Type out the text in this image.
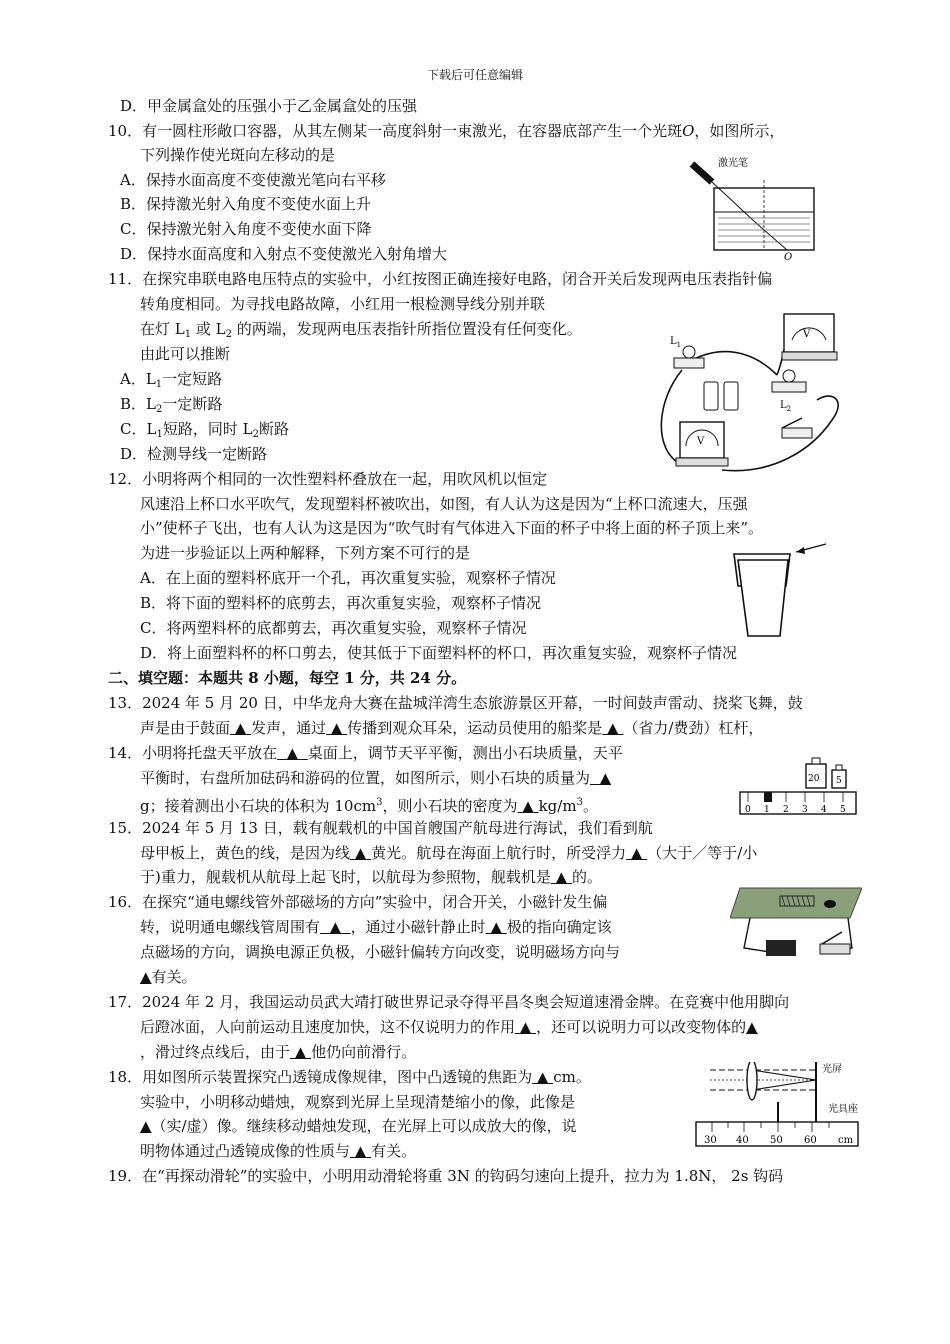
下载后可任意编辑
D．甲金属盒处的压强小于乙金属盒处的压强
10．有一圆柱形敞口容器，从其左侧某一高度斜射一束激光，在容器底部产生一个光斑O，如图所示，
下列操作使光斑向左移动的是
A．保持水面高度不变使激光笔向右平移
B．保持激光射入角度不变使水面上升
C．保持激光射入角度不变使水面下降
D．保持水面高度和入射点不变使激光入射角增大
激光笔
O
11．在探究串联电路电压特点的实验中，小红按图正确连接好电路，闭合开关后发现两电压表指针偏
转角度相同。为寻找电路故障，小红用一根检测导线分别并联
在灯 $L_1$ 或 $L_2$ 的两端，发现两电压表指针所指位置没有任何变化。
由此可以推断
A．$L_1$一定短路
B．$L_2$一定断路
C．$L_1$短路，同时 $L_2$断路
D．检测导线一定断路
V
$L_1$
$L_2$
V
12．小明将两个相同的一次性塑料杯叠放在一起，用吹风机以恒定
风速沿上杯口水平吹气，发现塑料杯被吹出，如图，有人认为这是因为“上杯口流速大，压强
小”使杯子飞出，也有人认为这是因为“吹气时有气体进入下面的杯子中将上面的杯子顶上来”。
为进一步验证以上两种解释，下列方案不可行的是
A．在上面的塑料杯底开一个孔，再次重复实验，观察杯子情况
B．将下面的塑料杯的底剪去，再次重复实验，观察杯子情况
C．将两塑料杯的底都剪去，再次重复实验，观察杯子情况
D．将上面塑料杯的杯口剪去，使其低于下面塑料杯的杯口，再次重复实验，观察杯子情况
二、填空题：本题共 8 小题，每空 1 分，共 24 分。
13．2024 年 5 月 20 日，中华龙舟大赛在盐城洋湾生态旅游景区开幕，一时间鼓声雷动、挠桨飞舞，鼓
声是由于鼓面 ▲ 发声，通过 ▲ 传播到观众耳朵，运动员使用的船桨是 ▲ （省力/费劲）杠杆，
14．小明将托盘天平放在 ▲ 桌面上，调节天平平衡，测出小石块质量，天平
平衡时，右盘所加砝码和游码的位置，如图所示，则小石块的质量为 ▲
g；接着测出小石块的体积为 $10cm^3$，则小石块的密度为 ▲ $kg/m^3$。
20 5
0 1 2 3 4 5
15．2024 年 5 月 13 日，载有舰载机的中国首艘国产航母进行海试，我们看到航
母甲板上，黄色的线，是因为线 ▲ 黄光。航母在海面上航行时，所受浮力 ▲ （大于／等于/小
于)重力，舰载机从航母上起飞时，以航母为参照物，舰载机是 ▲ 的。
16．在探究“通电螺线管外部磁场的方向”实验中，闭合开关，小磁针发生偏
转，说明通电螺线管周围有 ▲ ，通过小磁针静止时 ▲ 极的指向确定该
点磁场的方向，调换电源正负极，小磁针偏转方向改变，说明磁场方向与
▲有关。
17．2024 年 2 月，我国运动员武大靖打破世界记录夺得平昌冬奥会短道速滑金牌。在竞赛中他用脚向
后蹬冰面，人向前运动且速度加快，这不仅说明力的作用 ▲ ，还可以说明力可以改变物体的▲
，滑过终点线后，由于 ▲ 他仍向前滑行。
18．用如图所示装置探究凸透镜成像规律，图中凸透镜的焦距为 ▲ cm。
实验中，小明移动蜡烛，观察到光屏上呈现清楚缩小的像，此像是
▲（实/虚）像。继续移动蜡烛发现，在光屏上可以成放大的像，说
明物体通过凸透镜成像的性质与 ▲ 有关。
光屏
光具座
30 40 50 60 cm
19．在“再探动滑轮”的实验中，小明用动滑轮将重 3N 的钩码匀速向上提升，拉力为 1.8N， 2s 钩码
